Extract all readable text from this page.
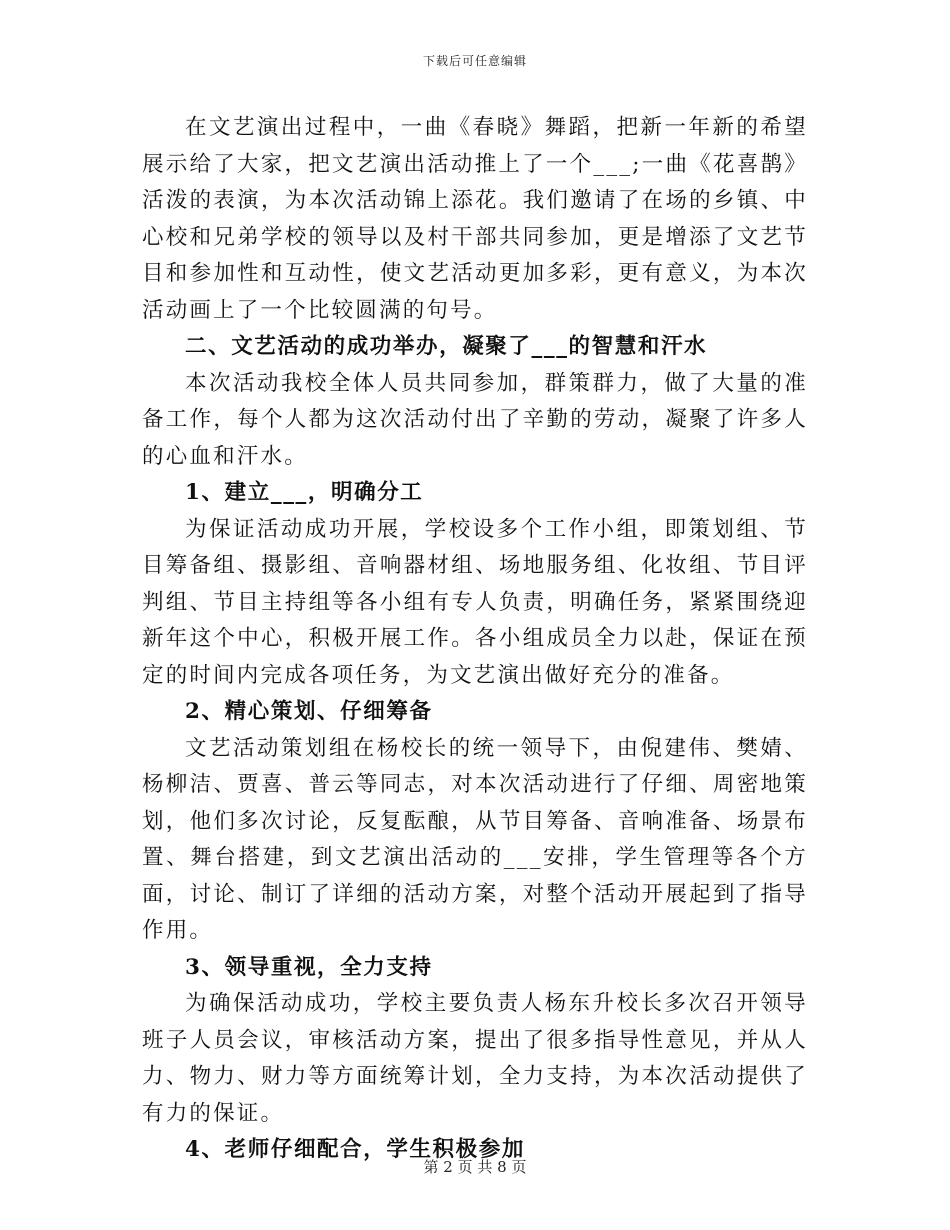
下载后可任意编辑

在文艺演出过程中，一曲《春晓》舞蹈，把新一年新的希望展示给了大家，把文艺演出活动推上了一个___;一曲《花喜鹊》活泼的表演，为本次活动锦上添花。我们邀请了在场的乡镇、中心校和兄弟学校的领导以及村干部共同参加，更是增添了文艺节目和参加性和互动性，使文艺活动更加多彩，更有意义，为本次活动画上了一个比较圆满的句号。

二、文艺活动的成功举办，凝聚了___的智慧和汗水

本次活动我校全体人员共同参加，群策群力，做了大量的准备工作，每个人都为这次活动付出了辛勤的劳动，凝聚了许多人的心血和汗水。

1、建立___，明确分工

为保证活动成功开展，学校设多个工作小组，即策划组、节目筹备组、摄影组、音响器材组、场地服务组、化妆组、节目评判组、节目主持组等各小组有专人负责，明确任务，紧紧围绕迎新年这个中心，积极开展工作。各小组成员全力以赴，保证在预定的时间内完成各项任务，为文艺演出做好充分的准备。

2、精心策划、仔细筹备

文艺活动策划组在杨校长的统一领导下，由倪建伟、樊婧、杨柳洁、贾喜、普云等同志，对本次活动进行了仔细、周密地策划，他们多次讨论，反复酝酿，从节目筹备、音响准备、场景布置、舞台搭建，到文艺演出活动的___安排，学生管理等各个方面，讨论、制订了详细的活动方案，对整个活动开展起到了指导作用。

3、领导重视，全力支持

为确保活动成功，学校主要负责人杨东升校长多次召开领导班子人员会议，审核活动方案，提出了很多指导性意见，并从人力、物力、财力等方面统筹计划，全力支持，为本次活动提供了有力的保证。

4、老师仔细配合，学生积极参加

第 2 页 共 8 页
